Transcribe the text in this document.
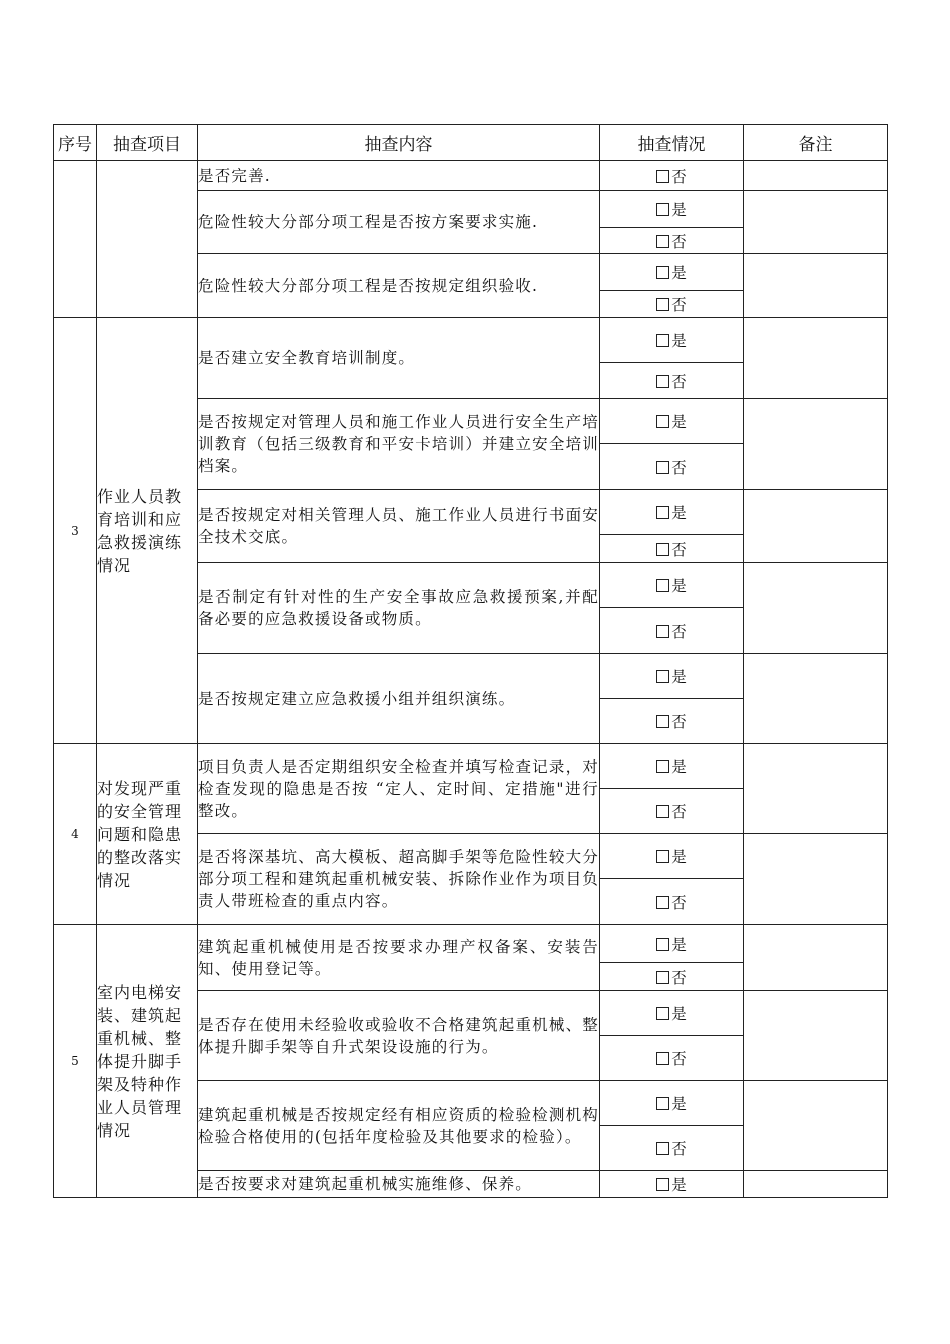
序号	抽查项目	抽查内容	抽查情况	备注
		是否完善.	否	
		危险性较大分部分项工程是否按方案要求实施.	是	
			否	
		危险性较大分部分项工程是否按规定组织验收.	是	
			否	
3	作业人员教育培训和应急救援演练情况	是否建立安全教育培训制度。	是	
			否	
		是否按规定对管理人员和施工作业人员进行安全生产培训教育（包括三级教育和平安卡培训）并建立安全培训档案。	是	
			否	
		是否按规定对相关管理人员、施工作业人员进行书面安全技术交底。	是	
			否	
		是否制定有针对性的生产安全事故应急救援预案,并配备必要的应急救援设备或物质。	是	
			否	
		是否按规定建立应急救援小组并组织演练。	是	
			否	
4	对发现严重的安全管理问题和隐患的整改落实情况	项目负责人是否定期组织安全检查并填写检查记录，对检查发现的隐患是否按 “定人、定时间、定措施"进行整改。	是	
			否	
		是否将深基坑、高大模板、超高脚手架等危险性较大分部分项工程和建筑起重机械安装、拆除作业作为项目负责人带班检查的重点内容。	是	
			否	
5	室内电梯安装、建筑起重机械、整体提升脚手架及特种作业人员管理情况	建筑起重机械使用是否按要求办理产权备案、安装告知、使用登记等。	是	
			否	
		是否存在使用未经验收或验收不合格建筑起重机械、整体提升脚手架等自升式架设设施的行为。	是	
			否	
		建筑起重机械是否按规定经有相应资质的检验检测机构检验合格使用的(包括年度检验及其他要求的检验）。	是	
			否	
		是否按要求对建筑起重机械实施维修、保养。	是	
